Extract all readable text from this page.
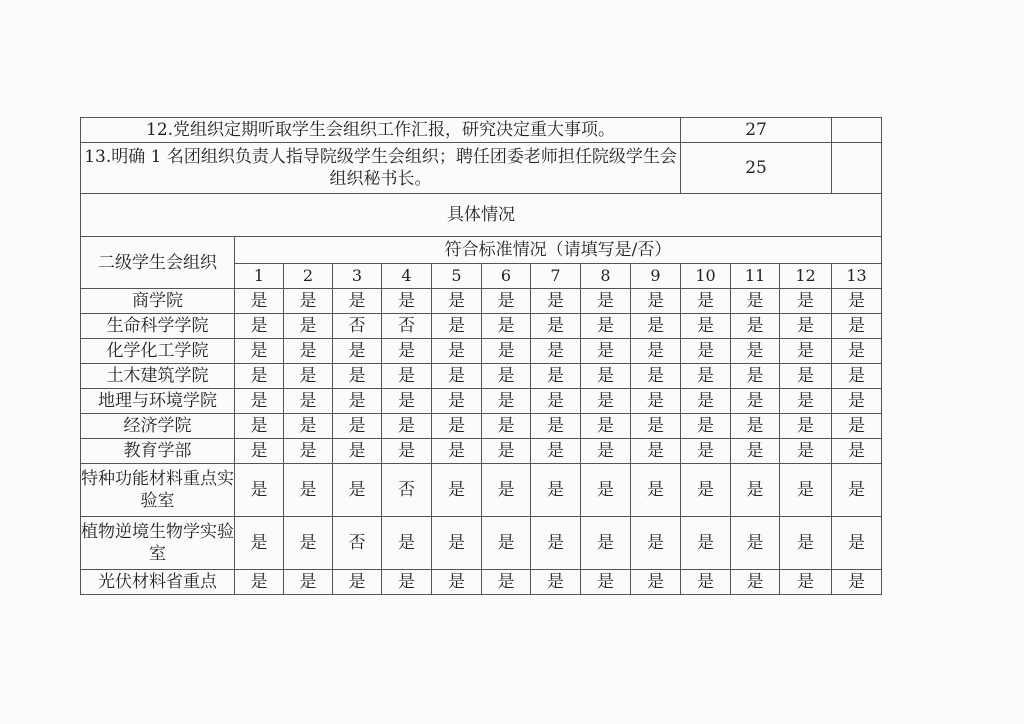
12.党组织定期听取学生会组织工作汇报，研究决定重大事项。										27			
13.明确 1 名团组织负责人指导院级学生会组织；聘任团委老师担任院级学生会组织秘书长。										25			
具体情况													
二级学生会组织	符合标准情况（请填写是/否）												
	1	2	3	4	5	6	7	8	9	10	11	12	13
商学院	是	是	是	是	是	是	是	是	是	是	是	是	是
生命科学学院	是	是	否	否	是	是	是	是	是	是	是	是	是
化学化工学院	是	是	是	是	是	是	是	是	是	是	是	是	是
土木建筑学院	是	是	是	是	是	是	是	是	是	是	是	是	是
地理与环境学院	是	是	是	是	是	是	是	是	是	是	是	是	是
经济学院	是	是	是	是	是	是	是	是	是	是	是	是	是
教育学部	是	是	是	是	是	是	是	是	是	是	是	是	是
特种功能材料重点实验室	是	是	是	否	是	是	是	是	是	是	是	是	是
植物逆境生物学实验室	是	是	否	是	是	是	是	是	是	是	是	是	是
光伏材料省重点	是	是	是	是	是	是	是	是	是	是	是	是	是
